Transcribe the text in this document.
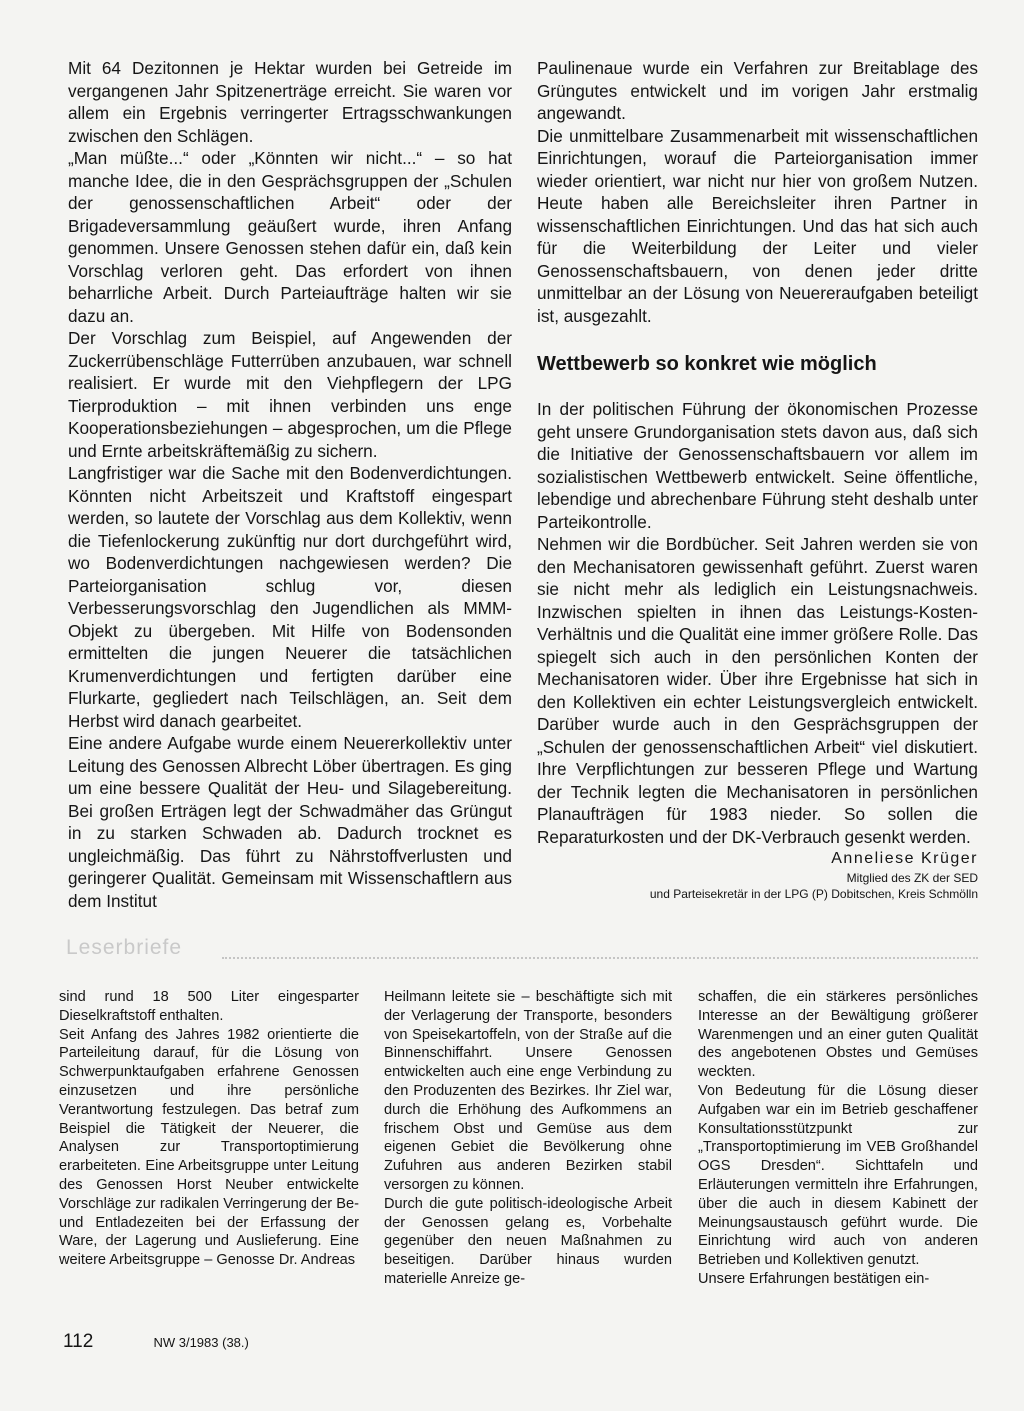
Mit 64 Dezitonnen je Hektar wurden bei Getreide im vergangenen Jahr Spitzenerträge erreicht. Sie waren vor allem ein Ergebnis verringerter Ertragsschwankungen zwischen den Schlägen.

„Man müßte...“ oder „Könnten wir nicht...“ – so hat manche Idee, die in den Gesprächsgruppen der „Schulen der genossenschaftlichen Arbeit“ oder der Brigadeversammlung geäußert wurde, ihren Anfang genommen. Unsere Genossen stehen dafür ein, daß kein Vorschlag verloren geht. Das erfordert von ihnen beharrliche Arbeit. Durch Parteiaufträge halten wir sie dazu an.

Der Vorschlag zum Beispiel, auf Angewenden der Zuckerrübenschläge Futterrüben anzubauen, war schnell realisiert. Er wurde mit den Viehpflegern der LPG Tierproduktion – mit ihnen verbinden uns enge Kooperationsbeziehungen – abgesprochen, um die Pflege und Ernte arbeitskräftemäßig zu sichern.

Langfristiger war die Sache mit den Bodenverdichtungen. Könnten nicht Arbeitszeit und Kraftstoff eingespart werden, so lautete der Vorschlag aus dem Kollektiv, wenn die Tiefenlockerung zukünftig nur dort durchgeführt wird, wo Bodenverdichtungen nachgewiesen werden? Die Parteiorganisation schlug vor, diesen Verbesserungsvorschlag den Jugendlichen als MMM-Objekt zu übergeben. Mit Hilfe von Bodensonden ermittelten die jungen Neuerer die tatsächlichen Krumenverdichtungen und fertigten darüber eine Flurkarte, gegliedert nach Teilschlägen, an. Seit dem Herbst wird danach gearbeitet.

Eine andere Aufgabe wurde einem Neuererkollektiv unter Leitung des Genossen Albrecht Löber übertragen. Es ging um eine bessere Qualität der Heu- und Silagebereitung. Bei großen Erträgen legt der Schwadmäher das Grüngut in zu starken Schwaden ab. Dadurch trocknet es ungleichmäßig. Das führt zu Nährstoffverlusten und geringerer Qualität. Gemeinsam mit Wissenschaftlern aus dem Institut

Paulinenaue wurde ein Verfahren zur Breitablage des Grüngutes entwickelt und im vorigen Jahr erstmalig angewandt.

Die unmittelbare Zusammenarbeit mit wissenschaftlichen Einrichtungen, worauf die Parteiorganisation immer wieder orientiert, war nicht nur hier von großem Nutzen. Heute haben alle Bereichsleiter ihren Partner in wissenschaftlichen Einrichtungen. Und das hat sich auch für die Weiterbildung der Leiter und vieler Genossenschaftsbauern, von denen jeder dritte unmittelbar an der Lösung von Neuereraufgaben beteiligt ist, ausgezahlt.

Wettbewerb so konkret wie möglich

In der politischen Führung der ökonomischen Prozesse geht unsere Grundorganisation stets davon aus, daß sich die Initiative der Genossenschaftsbauern vor allem im sozialistischen Wettbewerb entwickelt. Seine öffentliche, lebendige und abrechenbare Führung steht deshalb unter Parteikontrolle.

Nehmen wir die Bordbücher. Seit Jahren werden sie von den Mechanisatoren gewissenhaft geführt. Zuerst waren sie nicht mehr als lediglich ein Leistungsnachweis. Inzwischen spielten in ihnen das Leistungs-Kosten-Verhältnis und die Qualität eine immer größere Rolle. Das spiegelt sich auch in den persönlichen Konten der Mechanisatoren wider. Über ihre Ergebnisse hat sich in den Kollektiven ein echter Leistungsvergleich entwickelt. Darüber wurde auch in den Gesprächsgruppen der „Schulen der genossenschaftlichen Arbeit“ viel diskutiert. Ihre Verpflichtungen zur besseren Pflege und Wartung der Technik legten die Mechanisatoren in persönlichen Planaufträgen für 1983 nieder. So sollen die Reparaturkosten und der DK-Verbrauch gesenkt werden.

Anneliese Krüger

Mitglied des ZK der SED

und Parteisekretär in der LPG (P) Dobitschen, Kreis Schmölln

Leserbriefe

sind rund 18 500 Liter eingesparter Dieselkraftstoff enthalten.

Seit Anfang des Jahres 1982 orientierte die Parteileitung darauf, für die Lösung von Schwerpunktaufgaben erfahrene Genossen einzusetzen und ihre persönliche Verantwortung festzulegen. Das betraf zum Beispiel die Tätigkeit der Neuerer, die Analysen zur Transportoptimierung erarbeiteten. Eine Arbeitsgruppe unter Leitung des Genossen Horst Neuber entwickelte Vorschläge zur radikalen Verringerung der Be- und Entladezeiten bei der Erfassung der Ware, der Lagerung und Auslieferung. Eine weitere Arbeitsgruppe – Genosse Dr. Andreas

Heilmann leitete sie – beschäftigte sich mit der Verlagerung der Transporte, besonders von Speisekartoffeln, von der Straße auf die Binnenschiffahrt. Unsere Genossen entwickelten auch eine enge Verbindung zu den Produzenten des Bezirkes. Ihr Ziel war, durch die Erhöhung des Aufkommens an frischem Obst und Gemüse aus dem eigenen Gebiet die Bevölkerung ohne Zufuhren aus anderen Bezirken stabil versorgen zu können.

Durch die gute politisch-ideologische Arbeit der Genossen gelang es, Vorbehalte gegenüber den neuen Maßnahmen zu beseitigen. Darüber hinaus wurden materielle Anreize ge-

schaffen, die ein stärkeres persönliches Interesse an der Bewältigung größerer Warenmengen und an einer guten Qualität des angebotenen Obstes und Gemüses weckten.

Von Bedeutung für die Lösung dieser Aufgaben war ein im Betrieb geschaffener Konsultationsstützpunkt zur „Transportoptimierung im VEB Großhandel OGS Dresden“. Sichttafeln und Erläuterungen vermitteln ihre Erfahrungen, über die auch in diesem Kabinett der Meinungsaustausch geführt wurde. Die Einrichtung wird auch von anderen Betrieben und Kollektiven genutzt.

Unsere Erfahrungen bestätigen ein-

112	NW 3/1983 (38.)
